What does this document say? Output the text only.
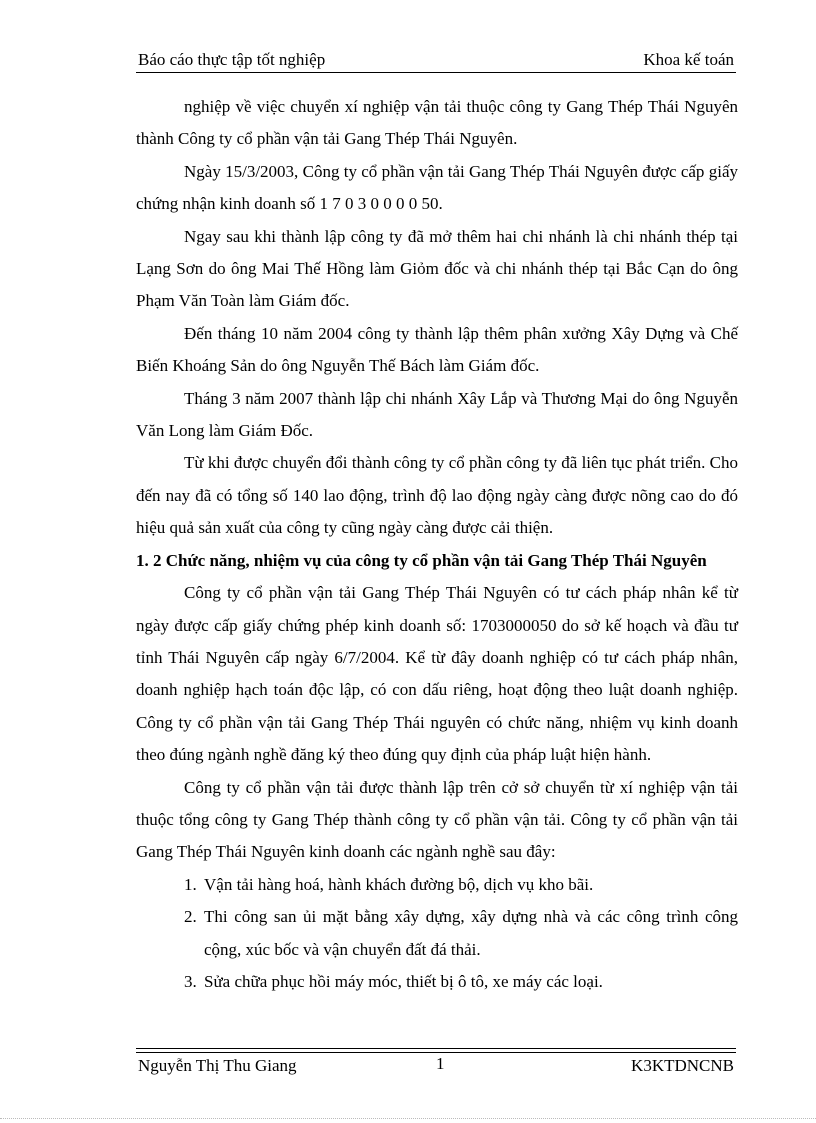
Báo cáo thực tập tốt nghiệp	Khoa kế toán

nghiệp về việc chuyển xí nghiệp vận tải thuộc công ty Gang Thép Thái Nguyên thành Công ty cổ phần vận tải Gang Thép Thái Nguyên.

Ngày 15/3/2003, Công ty cổ phần vận tải Gang Thép Thái Nguyên được cấp giấy chứng nhận kinh doanh số 1 7 0 3 0 0 0 0 50.

Ngay sau khi thành lập công ty đã mở thêm hai chi nhánh là chi nhánh thép tại Lạng Sơn do ông Mai Thế Hồng làm Giỏm đốc và chi nhánh thép tại Bắc Cạn do ông Phạm Văn Toàn làm Giám đốc.

Đến tháng 10 năm 2004 công ty thành lập thêm phân xưởng Xây Dựng và Chế Biến Khoáng Sản do ông Nguyễn Thế Bách làm Giám đốc.

Tháng 3 năm 2007 thành lập chi nhánh Xây Lắp và Thương Mại do ông Nguyễn Văn Long làm Giám Đốc.

Từ khi được chuyển đổi thành công ty cổ phần công ty đã liên tục phát triển. Cho đến nay đã có tổng số 140 lao động, trình độ lao động ngày càng được nõng cao do đó hiệu quả sản xuất của công ty cũng ngày càng được cải thiện.

1. 2 Chức năng, nhiệm vụ của công ty cổ phần vận tải Gang Thép Thái Nguyên

Công ty cổ phần vận tải Gang Thép Thái Nguyên có tư cách pháp nhân kể từ ngày được cấp giấy chứng phép kinh doanh số: 1703000050 do sở kế hoạch và đầu tư tỉnh Thái Nguyên cấp ngày 6/7/2004. Kể từ đây doanh nghiệp có tư cách pháp nhân, doanh nghiệp hạch toán độc lập, có con dấu riêng, hoạt động theo luật doanh nghiệp. Công ty cổ phần vận tải Gang Thép Thái nguyên có chức năng, nhiệm vụ kinh doanh theo đúng ngành nghề đăng ký theo đúng quy định của pháp luật hiện hành.

Công ty cổ phần vận tải được thành lập trên cở sở chuyển từ xí nghiệp vận tải thuộc tổng công ty Gang Thép thành công ty cổ phần vận tải. Công ty cổ phần vận tải Gang Thép Thái Nguyên kinh doanh các ngành nghề sau đây:

1. Vận tải hàng hoá, hành khách đường bộ, dịch vụ kho bãi.

2. Thi công san ủi mặt bằng xây dựng, xây dựng nhà và các công trình công cộng, xúc bốc và vận chuyển đất đá thải.

3. Sửa chữa phục hồi máy móc, thiết bị ô tô, xe máy các loại.

Nguyễn Thị Thu Giang	1	K3KTDNCNB
